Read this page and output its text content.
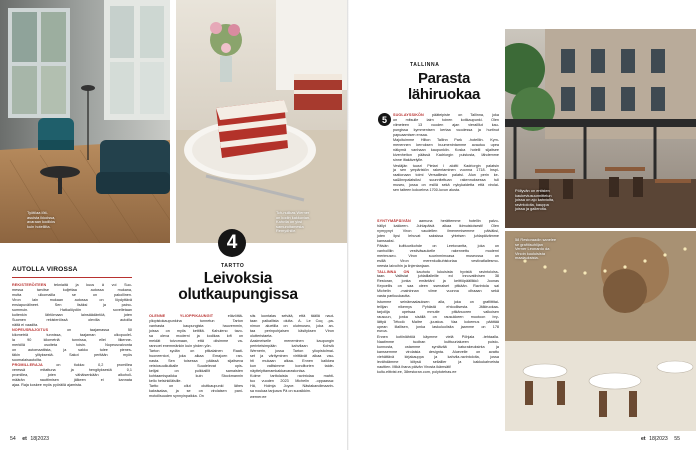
Työtilaa löti-
asuista ikkoissa,
avaraan kodikks
kuin hotellilta.
Tch-nulikas Werner
on kodin kakkuvian.
Kahvila on yksi
samuroitamesta
Remydhille.
AUTOLLA VIROSSA

REKISTERÖITEEN tekniaitä ja kuus ä voi Suo-
messa tarvitse kuljettaa autossa mukana,
mutta ulkomailla se on pakollinen.
Viron lain mukaan autossa on löydyttävä
ensiapuvälineet. Sen lisäksi ja paino-
summuin. Hatkalöydön sovelletaan
kuitenkin lähtömaan lainsäädäntöä, joten
Suomen rekisteröissä olevilla autoilla
näitä ei vaadita.

NOPEUSRAJOITUS	on taajamassa 50
kilometriä tunnissa, taajaman ulkopuolel-
la 90 kilometriä tunnissa, ellei liikenne-
merkillä osoiteta toisin. Nopeusvalvonta
on automaattista, ja sakko tulee pienes-
täkin ylityksestä. Sakot peritään myös
suomalaisautoilta.

PROMILLERAJA	on tiukka: 0,2 promillea
veressä mitattuna ja hengityksestä 0,1
promillea, joten vähäisenkään alkoholi-
määrän nauttimisen jälkeen ei kannata
ajaa. Raja koskee myös pyöräilä ajamista.

4
TARTTO
Leivoksia
olutkaupungissa

OLENNE YLIOPPIKAUNGIT	elävöittä-
yliopistokaupunkina tunnetun Tarton
vanhasta kaupungista hauvemmin,
joissa on myös kettiltä. Kahuleno tavo-
sa oleva moderni ja kodikas loft on
meidät toivomaan, että olisimme va-
rannoet enemmänkin kuin yhden yön.

Tarton sydän on pitkalainen Raati-
huoneentori, joka alkaa Emajoen ran-
nasta. Sen toisessa päässä sijaitseva
veistosuulkulkalle Suudelevat opis-
kelijat on pulkkaillit samaisten
kohtaamispaikka kuin Stockmannin
kello helsinkiläisille.

Tartto on ollut oluttkaupunki lähes
kaksisataa, ja se on virolaisen pani-
motoilisuuden synnyinpaikka. On

siis luontalas selvää, että täällä naut-
taan paikallista oluita. A. Le Coq -pa-
nimon aluetilla on olutmuseo, joka an-
taa perinpohjaisen käsityksen Viron
olutteristaeta.

Aasimeiselle meneminen kaupungin
perinteisimpään kahvilaan Kohvik
Wernerin, jossa Tarton yliopistolmai-
set ja värityminen virittävät alkaa vau-
hti mukaan alkaa. Ennen kaikkea
kun valitsimme konditorien taide-
näyttelyttamamkakkavarastonisa.

Kolme tarttolaista ravintolaa mahti-
tuo vuoden 2023 Michelin -oppaassa:
Hä, Holmja Joyce. Nästakandimaarin-
sa noukaa tarjoava Pä on suosikkim.

werner.ee

54 et 18|2023
TALLINNA
Parasta
lähiruokaa
5	SUOLAYSSIKÖN pääteipiste on Tallinna, joka
on mitsulle lairn toinen kotikaupunki. Olen
viimeteen 13 vuoden ajan vierailllut kau-
pungissa kymmenisen kertaa vuodessa ja hurtinut
papuaamisen ensaa.

Majoituimme Hilton Tallinn Park -hotelliin. Kym-
menennen kerroksen buumenintamme avautuu upea
näkymä vanhaan kaupunkiin. Koska hotelli sijaitsee
kivenheiton päässä Kadriorgin puistosta, lähdemme
sinne iltakävelylle.

Vestäjän tuusri Pietari I aloitti Kadriorgin palatsin
ja sen ympäristön rakentaminen vuonna 1718. Inspi-
raationaan toimi Versaillesin palatsi. Alun perin ke-
sa&linnpalatsiksi suunniteltuan rakennuksessa tuli
museo, jossa on esillä sekä nykykaidetta että virolai-
sen taiteen kokoelma 1700-luvun alusta.

SYNTYMÄPÄIVÄN aamuna herättemme hotellin palvo-
hällyt kakkeen. Juhlapäivä alkaa ikimuistoisesti! Olen
nymyynyt Viron vaudellen ilmenemisemme päiväksi,
joten lipsi lehuvat saksissa yhteisen juhlapäivämme
kanssaksi.

Päivän kulttuurikohde on Leetovantta, joka on
vanhoilliin vestiväsaukelle rakennettu moderni
merimuseo. Viron suurinmimoasa museossa on
esillä Viron merenkulkuhistoriaa vestivatlailesmo-
neesta laivoihin ja linjentanjaan.

TALLINNA ON kauhotu lukuisista hyvistä ravintoloiss-
taan. Valitsiat juhlaillalleille ed innovatiivisen 38
Restoran, jonka emäntäni ja keittiöpäällikkö Joonas
Kepoellis on saa oleen ssenaiset pitkään. Ravintola sai
Michelin -maininnan viime vuonna olhaaan sekä
vasta parikuukautta.

Istumme seinämaalauksen alla, joka on grafiittitai-
teilijan nikemys Pyhästä ehtoollisesta. Jälkiruokaa-
tarjoilija opetsaa mmutle pitkänuoren valkoisen
rausuun, jonka sisällä on rausukkeen muotoon bry-
lättyä Tétodó Maitre -juustoa. Vaa kokemus päättää
upean illallisen, jonka laskuluolisita jaamme on 178
euroa.

Ennen kotiinlähtöä käymme vielä Pöhjala -tehtaalla.
Naatimme tuoiban kulttuurialueen puisto-
kunnosta, ostamme syntävää katurakeuksinta ja
kanssemme virolaisia designta. Aluevelle on avattu
viehättävä kirjakauppa ja kahvila-ravintoloita, jossa
levähdämme kiitysä seliallier ja kakkukahveista
nauttien. Mikä ihana päivän Virosta ikämsäti!

kultu.elttvist.ee, 38restoran.com, polytotehas.ee

Pöllyvän on entisten
kaukevtusuunnittelun
joissa on ajo kahvioita,
ravintoloita, kauppa
joissa ja galleroita.
58 Restoraadin sanelee
se grafitisuhlijan
Verner Leonardo da
Vinoin kuuluisista
maalauksista.
et 18|2023 55
